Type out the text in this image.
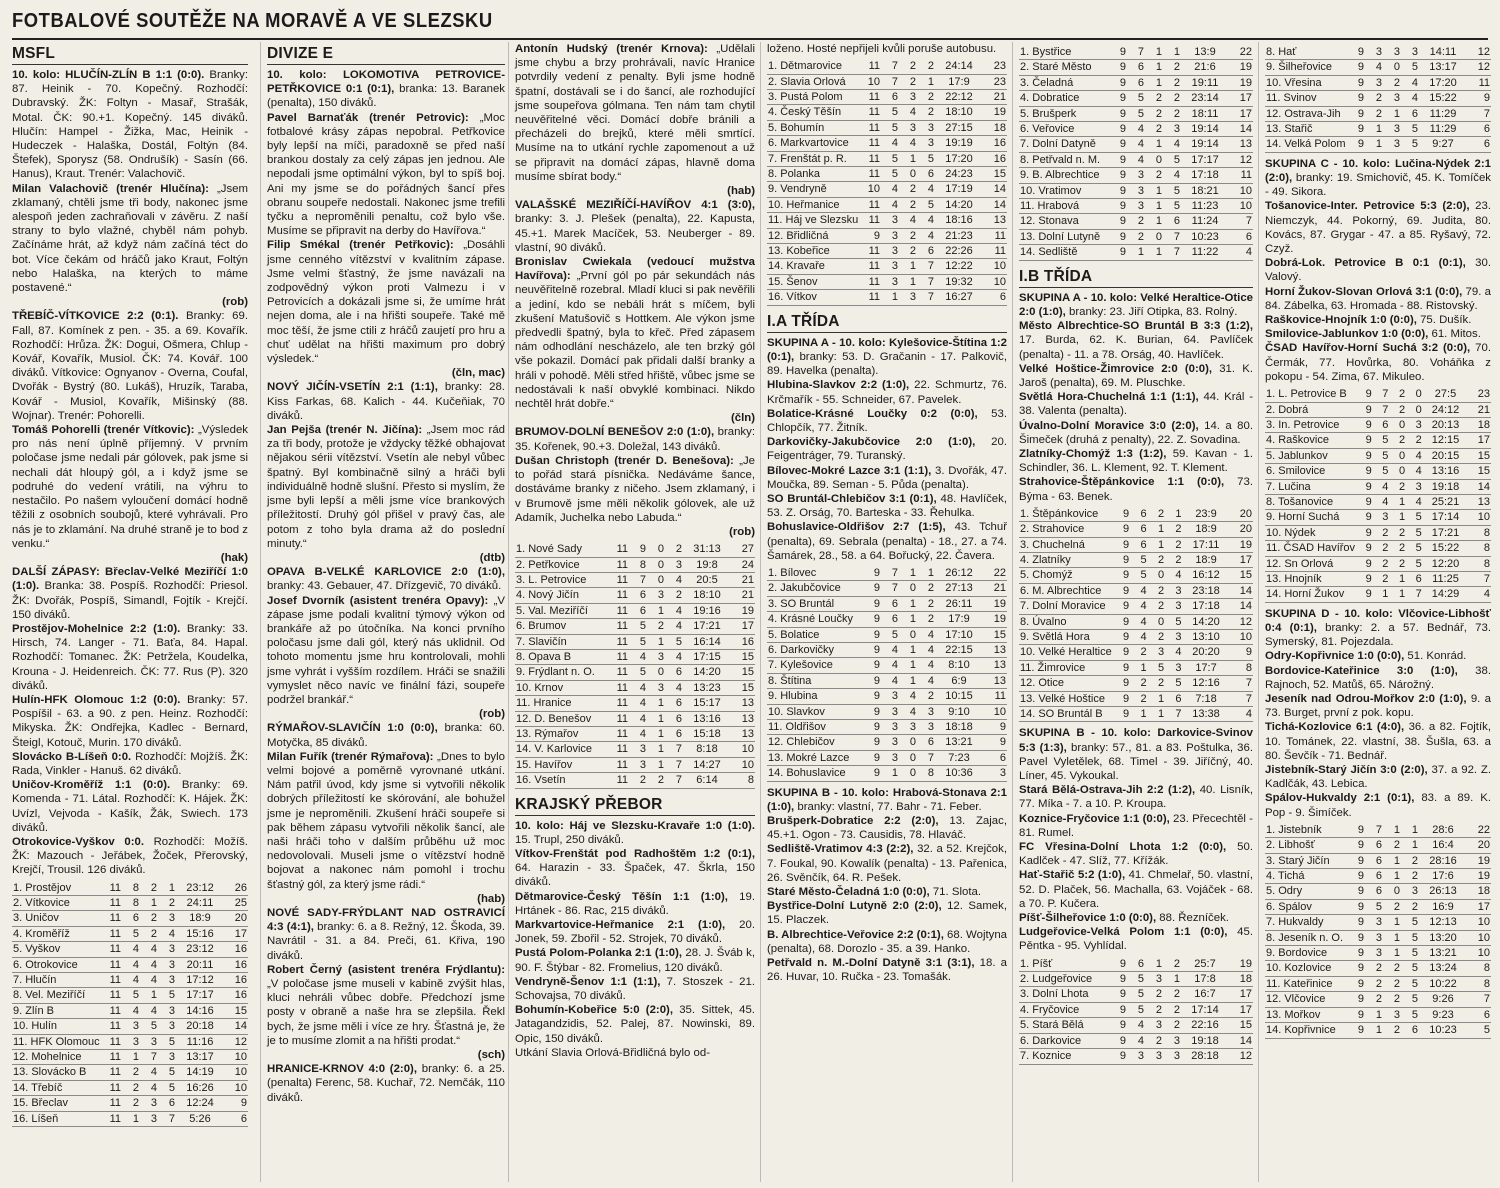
FOTBALOVÉ SOUTĚŽE NA MORAVĚ A VE SLEZSKU
MSFL

10. kolo: HLUČÍN-ZLÍN B 1:1 (0:0). Branky: 87. Heinik - 70. Kopečný. Rozhodčí: Dubravský. ŽK: Foltyn - Masař, Strašák, Motal. ČK: 90.+1. Kopečný. 145 diváků. Hlučín: Hampel - Žižka, Mac, Heinik - Hudeczek - Halaška, Dostál, Foltýn (84. Štefek), Sporysz (58. Ondrušík) - Sasín (66. Hanus), Kraut. Trenér: Valachovič.

Milan Valachovič (trenér Hlučína): „Jsem zklamaný, chtěli jsme tři body, nakonec jsme alespoň jeden zachraňovali v závěru. Z naší strany to bylo vlažné, chyběl nám pohyb. Začínáme hrát, až když nám začíná téct do bot. Více čekám od hráčů jako Kraut, Foltýn nebo Halaška, na kterých to máme postavené.“
(rob)

TŘEBÍČ-VÍTKOVICE 2:2 (0:1). Branky: 69. Fall, 87. Komínek z pen. - 35. a 69. Kovařík. Rozhodčí: Hrůza. ŽK: Dogui, Ošmera, Chlup - Kovář, Kovařík, Musiol. ČK: 74. Kovář. 100 diváků. Vítkovice: Ognyanov - Overna, Coufal, Dvořák - Bystrý (80. Lukáš), Hruzík, Taraba, Kovář - Musiol, Kovařík, Mišinský (88. Wojnar). Trenér: Pohorelli.

Tomáš Pohorelli (trenér Vítkovic): „Výsledek pro nás není úplně příjemný. V prvním poločase jsme nedali pár gólovek, pak jsme si nechali dát hloupý gól, a i když jsme se podruhé do vedení vrátili, na výhru to nestačilo. Po našem vyloučení domácí hodně těžili z osobních soubojů, které vyhrávali. Pro nás je to zklamání. Na druhé straně je to bod z venku.“
(hak)

DALŠÍ ZÁPASY: Břeclav-Velké Meziříčí 1:0 (1:0). Branka: 38. Pospíš. Rozhodčí: Priesol. ŽK: Dvořák, Pospíš, Simandl, Fojtík - Krejčí. 150 diváků.

Prostějov-Mohelnice 2:2 (1:0). Branky: 33. Hirsch, 74. Langer - 71. Baťa, 84. Hapal. Rozhodčí: Tomanec. ŽK: Petržela, Koudelka, Krouna - J. Heidenreich. ČK: 77. Rus (P). 320 diváků.

Hulín-HFK Olomouc 1:2 (0:0). Branky: 57. Pospíšil - 63. a 90. z pen. Heinz. Rozhodčí: Mikyska. ŽK: Ondřejka, Kadlec - Bernard, Šteigl, Kotouč, Murin. 170 diváků.

Slovácko B-Líšeň 0:0. Rozhodčí: Mojžíš. ŽK: Rada, Vinkler - Hanuš. 62 diváků.

Uničov-Kroměříž 1:1 (0:0). Branky: 69. Komenda - 71. Látal. Rozhodčí: K. Hájek. ŽK: Uvízl, Vejvoda - Kašík, Žák, Swiech. 173 diváků.

Otrokovice-Vyškov 0:0. Rozhodčí: Možíš. ŽK: Mazouch - Jeřábek, Žoček, Přerovský, Krejčí, Trousil. 126 diváků.

1. Prostějov	11	8	2	1	23:12	26
2. Vítkovice	11	8	1	2	24:11	25
3. Uničov	11	6	2	3	18:9	20
4. Kroměříž	11	5	2	4	15:16	17
5. Vyškov	11	4	4	3	23:12	16
6. Otrokovice	11	4	4	3	20:11	16
7. Hlučín	11	4	4	3	17:12	16
8. Vel. Meziříčí	11	5	1	5	17:17	16
9. Zlín B	11	4	4	3	14:16	15
10. Hulín	11	3	5	3	20:18	14
11. HFK Olomouc	11	3	3	5	11:16	12
12. Mohelnice	11	1	7	3	13:17	10
13. Slovácko B	11	2	4	5	14:19	10
14. Třebíč	11	2	4	5	16:26	10
15. Břeclav	11	2	3	6	12:24	9
16. Líšeň	11	1	3	7	5:26	6
DIVIZE E

10. kolo: LOKOMOTIVA PETROVICE-PETŘKOVICE 0:1 (0:1), branka: 13. Baranek (penalta), 150 diváků.

Pavel Barnaťák (trenér Petrovic): „Moc fotbalové krásy zápas nepobral. Petřkovice byly lepší na míči, paradoxně se před naší brankou dostaly za celý zápas jen jednou. Ale nepodali jsme optimální výkon, byl to spíš boj. Ani my jsme se do pořádných šancí přes obranu soupeře nedostali. Nakonec jsme trefili tyčku a neproměnili penaltu, což bylo vše. Musíme se připravit na derby do Havířova.“

Filip Smékal (trenér Petřkovic): „Dosáhli jsme cenného vítězství v kvalitním zápase. Jsme velmi šťastný, že jsme navázali na zodpovědný výkon proti Valmezu i v Petrovicích a dokázali jsme si, že umíme hrát nejen doma, ale i na hřišti soupeře. Také mě moc těší, že jsme ctili z hráčů zaujetí pro hru a chuť udělat na hřišti maximum pro dobrý výsledek.“
(čln, mac)

NOVÝ JIČÍN-VSETÍN 2:1 (1:1), branky: 28. Kiss Farkas, 68. Kalich - 44. Kučeňiak, 70 diváků.

Jan Pejša (trenér N. Jičína): „Jsem moc rád za tři body, protože je vždycky těžké obhajovat nějakou sérii vítězství. Vsetín ale nebyl vůbec špatný. Byl kombinačně silný a hráči byli individuálně hodně slušní. Přesto si myslím, že jsme byli lepší a měli jsme více brankových příležitostí. Druhý gól přišel v pravý čas, ale potom z toho byla drama až do poslední minuty.“
(dtb)

OPAVA B-VELKÉ KARLOVICE 2:0 (1:0), branky: 43. Gebauer, 47. Dřízgevič, 70 diváků.

Josef Dvorník (asistent trenéra Opavy): „V zápase jsme podali kvalitní týmový výkon od brankáře až po útočníka. Na konci prvního poločasu jsme dali gól, který nás uklidnil. Od tohoto momentu jsme hru kontrolovali, mohli jsme vyhrát i vyšším rozdílem. Hráči se snažili vymyslet něco navíc ve finální fázi, soupeře podržel brankář.“
(rob)

RÝMAŘOV-SLAVIČÍN 1:0 (0:0), branka: 60. Motyčka, 85 diváků.

Milan Fuřík (trenér Rýmařova): „Dnes to bylo velmi bojové a poměrně vyrovnané utkání. Nám patřil úvod, kdy jsme si vytvořili několik dobrých příležitostí ke skórování, ale bohužel jsme je neproměnili. Zkušení hráči soupeře si pak během zápasu vytvořili několik šancí, ale naši hráči toho v dalším průběhu už moc nedovolovali. Museli jsme o vítězství hodně bojovat a nakonec nám pomohl i trochu šťastný gól, za který jsme rádi.“
(hab)

NOVÉ SADY-FRÝDLANT NAD OSTRAVICÍ 4:3 (4:1), branky: 6. a 8. Režný, 12. Škoda, 39. Navrátil - 31. a 84. Preči, 61. Křiva, 190 diváků.

Robert Černý (asistent trenéra Frýdlantu): „V poločase jsme museli v kabině zvýšit hlas, kluci nehráli vůbec dobře. Předchozí jsme posty v obraně a naše hra se zlepšila. Řekl bych, že jsme měli i více ze hry. Šťastná je, že je to musíme zlomit a na hřišti prodat.“
(sch)

HRANICE-KRNOV 4:0 (2:0), branky: 6. a 25. (penalta) Ferenc, 58. Kuchař, 72. Nemčák, 110 diváků.

Antonín Hudský (trenér Krnova): „Udělali jsme chybu a brzy prohrávali, navíc Hranice potvrdily vedení z penalty. Byli jsme hodně špatní, dostávali se i do šancí, ale rozhodující jsme soupeřova gólmana. Ten nám tam chytil neuvěřitelné věci. Domácí dobře bránili a přecházeli do brejků, které měli smrtící. Musíme na to utkání rychle zapomenout a už se připravit na domácí zápas, hlavně doma musíme sbírat body.“
(hab)

VALAŠSKÉ MEZIŘÍČÍ-HAVÍŘOV 4:1 (3:0), branky: 3. J. Plešek (penalta), 22. Kapusta, 45.+1. Marek Macíček, 53. Neuberger - 89. vlastní, 90 diváků.

Bronislav Cwiekala (vedoucí mužstva Havířova): „První gól po pár sekundách nás neuvěřitelně rozebral. Mladí kluci si pak nevěřili a jediní, kdo se nebáli hrát s míčem, byli zkušení Matušovič s Hottkem. Ale výkon jsme předvedli špatný, byla to křeč. Před zápasem nám odhodlání nescházelo, ale ten brzký gól vše pokazil. Domácí pak přidali další branky a hráli v pohodě. Měli střed hřiště, vůbec jsme se nedostávali k naší obvyklé kombinaci. Nikdo nechtěl hrát dobře.“
(čln)

BRUMOV-DOLNÍ BENEŠOV 2:0 (1:0), branky: 35. Kořenek, 90.+3. Doležal, 143 diváků.

Dušan Christoph (trenér D. Benešova): „Je to pořád stará písnička. Nedáváme šance, dostáváme branky z ničeho. Jsem zklamaný, i v Brumově jsme měli několik gólovek, ale už Adamík, Juchelka nebo Labuda.“
(rob)

1. Nové Sady	11	9	0	2	31:13	27
2. Petřkovice	11	8	0	3	19:8	24
3. L. Petrovice	11	7	0	4	20:5	21
4. Nový Jičín	11	6	3	2	18:10	21
5. Val. Meziříčí	11	6	1	4	19:16	19
6. Brumov	11	5	2	4	17:21	17
7. Slavičín	11	5	1	5	16:14	16
8. Opava B	11	4	3	4	17:15	15
9. Frýdlant n. O.	11	5	0	6	14:20	15
10. Krnov	11	4	3	4	13:23	15
11. Hranice	11	4	1	6	15:17	13
12. D. Benešov	11	4	1	6	13:16	13
13. Rýmařov	11	4	1	6	15:18	13
14. V. Karlovice	11	3	1	7	8:18	10
15. Havířov	11	3	1	7	14:27	10
16. Vsetín	11	2	2	7	6:14	8
KRAJSKÝ PŘEBOR

10. kolo: Háj ve Slezsku-Kravaře 1:0 (1:0). 15. Trupl, 250 diváků.

Vítkov-Frenštát pod Radhoštěm 1:2 (0:1), 64. Harazin - 33. Špaček, 47. Škrla, 150 diváků.

Dětmarovice-Český Těšín 1:1 (1:0), 19. Hrtánek - 86. Rac, 215 diváků.

Markvartovice-Heřmanice 2:1 (1:0), 20. Jonek, 59. Zbořil - 52. Strojek, 70 diváků.

Pustá Polom-Polanka 2:1 (1:0), 28. J. Šváb k, 90. F. Štýbar - 82. Fromelius, 120 diváků.

Vendryně-Šenov 1:1 (1:1), 7. Stoszek - 21. Schovajsa, 70 diváků.

Bohumín-Kobeřice 5:0 (2:0), 35. Sittek, 45. Jatagandzidis, 52. Palej, 87. Nowinski, 89. Opic, 150 diváků.

Utkání Slavia Orlová-Břidličná bylo od-

loženo. Hosté nepřijeli kvůli poruše autobusu.

1. Dětmarovice	11	7	2	2	24:14	23
2. Slavia Orlová	10	7	2	1	17:9	23
3. Pustá Polom	11	6	3	2	22:12	21
4. Český Těšín	11	5	4	2	18:10	19
5. Bohumín	11	5	3	3	27:15	18
6. Markvartovice	11	4	4	3	19:19	16
7. Frenštát p. R.	11	5	1	5	17:20	16
8. Polanka	11	5	0	6	24:23	15
9. Vendryně	10	4	2	4	17:19	14
10. Heřmanice	11	4	2	5	14:20	14
11. Háj ve Slezsku	11	3	4	4	18:16	13
12. Břidličná	9	3	2	4	21:23	11
13. Kobeřice	11	3	2	6	22:26	11
14. Kravaře	11	3	1	7	12:22	10
15. Šenov	11	3	1	7	19:32	10
16. Vítkov	11	1	3	7	16:27	6
I.A TŘÍDA

SKUPINA A - 10. kolo: Kylešovice-Štítina 1:2 (0:1), branky: 53. D. Gračanin - 17. Palkovič, 89. Havelka (penalta).

Hlubina-Slavkov 2:2 (1:0), 22. Schmurtz, 76. Krčmařík - 55. Schneider, 67. Pavelek.

Bolatice-Krásné Loučky 0:2 (0:0), 53. Chlopčík, 77. Žitník.

Darkovičky-Jakubčovice 2:0 (1:0), 20. Feigentráger, 79. Turanský.

Bílovec-Mokré Lazce 3:1 (1:1), 3. Dvořák, 47. Moučka, 89. Seman - 5. Půda (penalta).

SO Bruntál-Chlebičov 3:1 (0:1), 48. Havlíček, 53. Z. Orság, 70. Barteska - 33. Řehulka.

Bohuslavice-Oldřišov 2:7 (1:5), 43. Tchuř (penalta), 69. Sebrala (penalta) - 18., 27. a 74. Šamárek, 28., 58. a 64. Bořucký, 22. Čavera.

1. Bílovec	9	7	1	1	26:12	22
2. Jakubčovice	9	7	0	2	27:13	21
3. SO Bruntál	9	6	1	2	26:11	19
4. Krásné Loučky	9	6	1	2	17:9	19
5. Bolatice	9	5	0	4	17:10	15
6. Darkovičky	9	4	1	4	22:15	13
7. Kylešovice	9	4	1	4	8:10	13
8. Štítina	9	4	1	4	6:9	13
9. Hlubina	9	3	4	2	10:15	11
10. Slavkov	9	3	4	3	9:10	10
11. Oldřišov	9	3	3	3	18:18	9
12. Chlebičov	9	3	0	6	13:21	9
13. Mokré Lazce	9	3	0	7	7:23	6
14. Bohuslavice	9	1	0	8	10:36	3

SKUPINA B - 10. kolo: Hrabová-Stonava 2:1 (1:0), branky: vlastní, 77. Bahr - 71. Feber.

Brušperk-Dobratice 2:2 (2:0), 13. Zajac, 45.+1. Ogon - 73. Causidis, 78. Hlaváč.

Sedliště-Vratimov 4:3 (2:2), 32. a 52. Krejčok, 7. Foukal, 90. Kowalík (penalta) - 13. Pařenica, 26. Svěnčík, 64. R. Pešek.

Staré Město-Čeladná 1:0 (0:0), 71. Slota.

Bystřice-Dolní Lutyně 2:0 (2:0), 12. Samek, 15. Placzek.

B. Albrechtice-Veřovice 2:2 (0:1), 68. Wojtyna (penalta), 68. Dorozlo - 35. a 39. Hanko.

Petřvald n. M.-Dolní Datyně 3:1 (3:1), 18. a 26. Huvar, 10. Ručka - 23. Tomašák.

1. Bystřice	9	7	1	1	13:9	22
2. Staré Město	9	6	1	2	21:6	19
3. Čeladná	9	6	1	2	19:11	19
4. Dobratice	9	5	2	2	23:14	17
5. Brušperk	9	5	2	2	18:11	17
6. Veřovice	9	4	2	3	19:14	14
7. Dolní Datyně	9	4	1	4	19:14	13
8. Petřvald n. M.	9	4	0	5	17:17	12
9. B. Albrechtice	9	3	2	4	17:18	11
10. Vratimov	9	3	1	5	18:21	10
11. Hrabová	9	3	1	5	11:23	10
12. Stonava	9	2	1	6	11:24	7
13. Dolní Lutyně	9	2	0	7	10:23	6
14. Sedliště	9	1	1	7	11:22	4
I.B TŘÍDA

SKUPINA A - 10. kolo: Velké Heraltice-Otice 2:0 (1:0), branky: 23. Jiří Otipka, 83. Rolný.

Město Albrechtice-SO Bruntál B 3:3 (1:2), 17. Burda, 62. K. Burian, 64. Pavlíček (penalta) - 11. a 78. Orság, 40. Havlíček.

Velké Hoštice-Žimrovice 2:0 (0:0), 31. K. Jaroš (penalta), 69. M. Pluschke.

Světlá Hora-Chuchelná 1:1 (1:1), 44. Král - 38. Valenta (penalta).

Úvalno-Dolní Moravice 3:0 (2:0), 14. a 80. Šimeček (druhá z penalty), 22. Z. Sovadina.

Zlatníky-Chomýž 1:3 (1:2), 59. Kavan - 1. Schindler, 36. L. Klement, 92. T. Klement.

Strahovice-Štěpánkovice 1:1 (0:0), 73. Býma - 63. Benek.

1. Štěpánkovice	9	6	2	1	23:9	20
2. Strahovice	9	6	1	2	18:9	20
3. Chuchelná	9	6	1	2	17:11	19
4. Zlatníky	9	5	2	2	18:9	17
5. Chomýž	9	5	0	4	16:12	15
6. M. Albrechtice	9	4	2	3	23:18	14
7. Dolní Moravice	9	4	2	3	17:18	14
8. Úvalno	9	4	0	5	14:20	12
9. Světlá Hora	9	4	2	3	13:10	10
10. Velké Heraltice	9	2	3	4	20:20	9
11. Žimrovice	9	1	5	3	17:7	8
12. Otice	9	2	2	5	12:16	7
13. Velké Hoštice	9	2	1	6	7:18	7
14. SO Bruntál B	9	1	1	7	13:38	4

SKUPINA B - 10. kolo: Darkovice-Svinov 5:3 (1:3), branky: 57., 81. a 83. Poštulka, 36. Pavel Vyletělek, 68. Timel - 39. Jiříčný, 40. Líner, 45. Vykoukal.

Stará Bělá-Ostrava-Jih 2:2 (1:2), 40. Lisník, 77. Míka - 7. a 10. P. Kroupa.

Koznice-Fryčovice 1:1 (0:0), 23. Přecechtěl - 81. Rumel.

FC Vřesina-Dolní Lhota 1:2 (0:0), 50. Kadlček - 47. Slíž, 77. Křížák.

Hať-Stařič 5:2 (1:0), 41. Chmelař, 50. vlastní, 52. D. Plaček, 56. Machalla, 63. Vojáček - 68. a 70. P. Kučera.

Píšť-Šilheřovice 1:0 (0:0), 88. Řezníček.

Ludgeřovice-Velká Polom 1:1 (0:0), 45. Pěntka - 95. Vyhlídal.

1. Píšť	9	6	1	2	25:7	19
2. Ludgeřovice	9	5	3	1	17:8	18
3. Dolní Lhota	9	5	2	2	16:7	17
4. Fryčovice	9	5	2	2	17:14	17
5. Stará Bělá	9	4	3	2	22:16	15
6. Darkovice	9	4	2	3	19:18	14
7. Koznice	9	3	3	3	28:18	12
8. Hať	9	3	3	3	14:11	12
9. Šilheřovice	9	4	0	5	13:17	12
10. Vřesina	9	3	2	4	17:20	11
11. Svinov	9	2	3	4	15:22	9
12. Ostrava-Jih	9	2	1	6	11:29	7
13. Stařič	9	1	3	5	11:29	6
14. Velká Polom	9	1	3	5	9:27	6

SKUPINA C - 10. kolo: Lučina-Nýdek 2:1 (2:0), branky: 19. Smichovič, 45. K. Tomíček - 49. Sikora.

Tošanovice-Inter. Petrovice 5:3 (2:0), 23. Niemczyk, 44. Pokorný, 69. Judita, 80. Kovács, 87. Grygar - 47. a 85. Ryšavý, 72. Czyž.

Dobrá-Lok. Petrovice B 0:1 (0:1), 30. Valový.

Horní Žukov-Slovan Orlová 3:1 (0:0), 79. a 84. Zábelka, 63. Hromada - 88. Ristovský.

Raškovice-Hnojník 1:0 (0:0), 75. Dušík.

Smilovice-Jablunkov 1:0 (0:0), 61. Mitos.

ČSAD Havířov-Horní Suchá 3:2 (0:0), 70. Čermák, 77. Hovůrka, 80. Voháňka z pokopu - 54. Zima, 67. Mikuleo.

1. L. Petrovice B	9	7	2	0	27:5	23
2. Dobrá	9	7	2	0	24:12	21
3. In. Petrovice	9	6	0	3	20:13	18
4. Raškovice	9	5	2	2	12:15	17
5. Jablunkov	9	5	0	4	20:15	15
6. Smilovice	9	5	0	4	13:16	15
7. Lučina	9	4	2	3	19:18	14
8. Tošanovice	9	4	1	4	25:21	13
9. Horní Suchá	9	3	1	5	17:14	10
10. Nýdek	9	2	2	5	17:21	8
11. ČSAD Havířov	9	2	2	5	15:22	8
12. Sn Orlová	9	2	2	5	12:20	8
13. Hnojník	9	2	1	6	11:25	7
14. Horní Žukov	9	1	1	7	14:29	4

SKUPINA D - 10. kolo: Vlčovice-Libhošť 0:4 (0:1), branky: 2. a 57. Bednář, 73. Symerský, 81. Pojezdala.

Odry-Kopřivnice 1:0 (0:0), 51. Konrád.

Bordovice-Kateřinice 3:0 (1:0), 38. Rajnoch, 52. Matůš, 65. Nárožný.

Jeseník nad Odrou-Mořkov 2:0 (1:0), 9. a 73. Burget, první z pok. kopu.

Tichá-Kozlovice 6:1 (4:0), 36. a 82. Fojtík, 10. Tománek, 22. vlastní, 38. Šušla, 63. a 80. Ševčík - 71. Bednář.

Jistebník-Starý Jičín 3:0 (2:0), 37. a 92. Z. Kadlčák, 43. Lebica.

Spálov-Hukvaldy 2:1 (0:1), 83. a 89. K. Pop - 9. Šimíček.

1. Jistebník	9	7	1	1	28:6	22
2. Libhošť	9	6	2	1	16:4	20
3. Starý Jičín	9	6	1	2	28:16	19
4. Tichá	9	6	1	2	17:6	19
5. Odry	9	6	0	3	26:13	18
6. Spálov	9	5	2	2	16:9	17
7. Hukvaldy	9	3	1	5	12:13	10
8. Jeseník n. O.	9	3	1	5	13:20	10
9. Bordovice	9	3	1	5	13:21	10
10. Kozlovice	9	2	2	5	13:24	8
11. Kateřinice	9	2	2	5	10:22	8
12. Vlčovice	9	2	2	5	9:26	7
13. Mořkov	9	1	3	5	9:23	6
14. Kopřivnice	9	1	2	6	10:23	5
